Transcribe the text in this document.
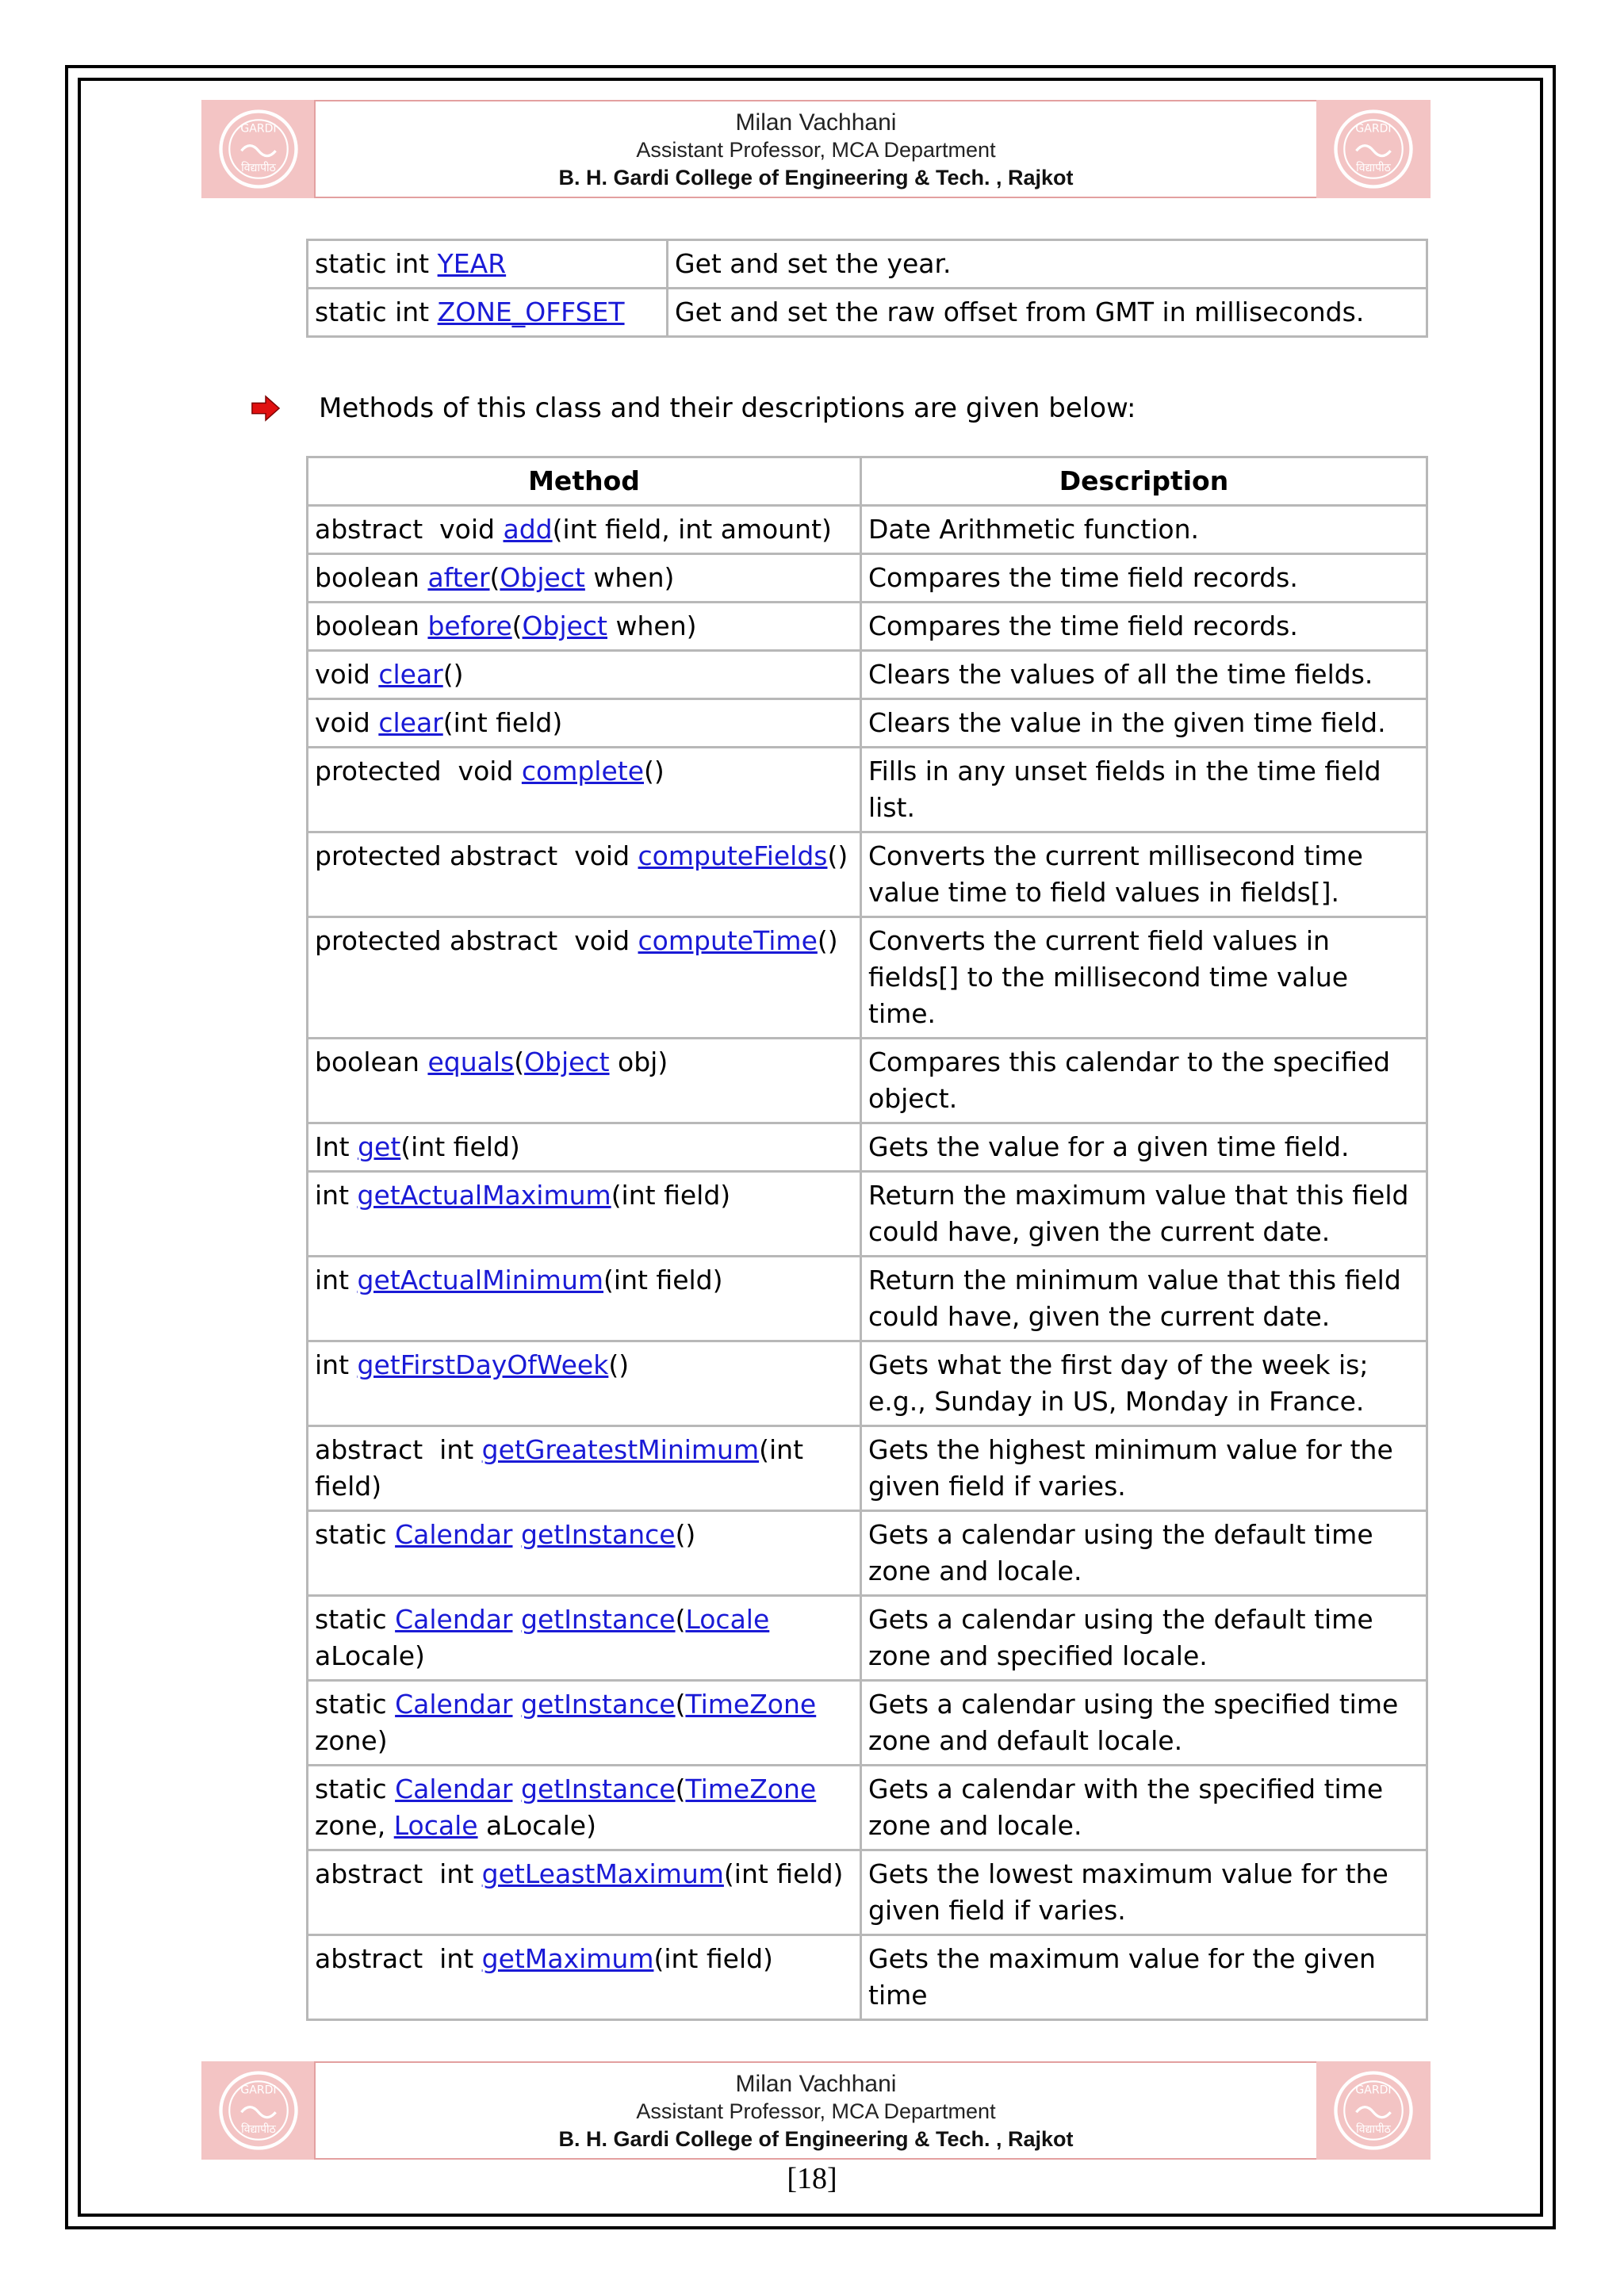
GARDI
विद्यापीठ
Milan Vachhani
Assistant Professor, MCA Department
B. H. Gardi College of Engineering & Tech. , Rajkot
GARDI
विद्यापीठ
static int YEAR	Get and set the year.
static int ZONE_OFFSET	Get and set the raw offset from GMT in milliseconds.
Methods of this class and their descriptions are given below:
Method	Description
abstract  void add(int field, int amount)	Date Arithmetic function.
boolean after(Object when)	Compares the time field records.
boolean before(Object when)	Compares the time field records.
void clear()	Clears the values of all the time fields.
void clear(int field)	Clears the value in the given time field.
protected  void complete()	Fills in any unset fields in the time field list.
protected abstract  void computeFields()	Converts the current millisecond time value time to field values in fields[].
protected abstract  void computeTime()	Converts the current field values in fields[] to the millisecond time value time.
boolean equals(Object obj)	Compares this calendar to the specified object.
Int get(int field)	Gets the value for a given time field.
int getActualMaximum(int field)	Return the maximum value that this field could have, given the current date.
int getActualMinimum(int field)	Return the minimum value that this field could have, given the current date.
int getFirstDayOfWeek()	Gets what the first day of the week is; e.g., Sunday in US, Monday in France.
abstract  int getGreatestMinimum(int field)	Gets the highest minimum value for the given field if varies.
static Calendar getInstance()	Gets a calendar using the default time zone and locale.
static Calendar getInstance(Locale aLocale)	Gets a calendar using the default time zone and specified locale.
static Calendar getInstance(TimeZone zone)	Gets a calendar using the specified time zone and default locale.
static Calendar getInstance(TimeZone zone, Locale aLocale)	Gets a calendar with the specified time zone and locale.
abstract  int getLeastMaximum(int field)	Gets the lowest maximum value for the given field if varies.
abstract  int getMaximum(int field)	Gets the maximum value for the given time
GARDI
विद्यापीठ
Milan Vachhani
Assistant Professor, MCA Department
B. H. Gardi College of Engineering & Tech. , Rajkot
GARDI
विद्यापीठ
[18]
